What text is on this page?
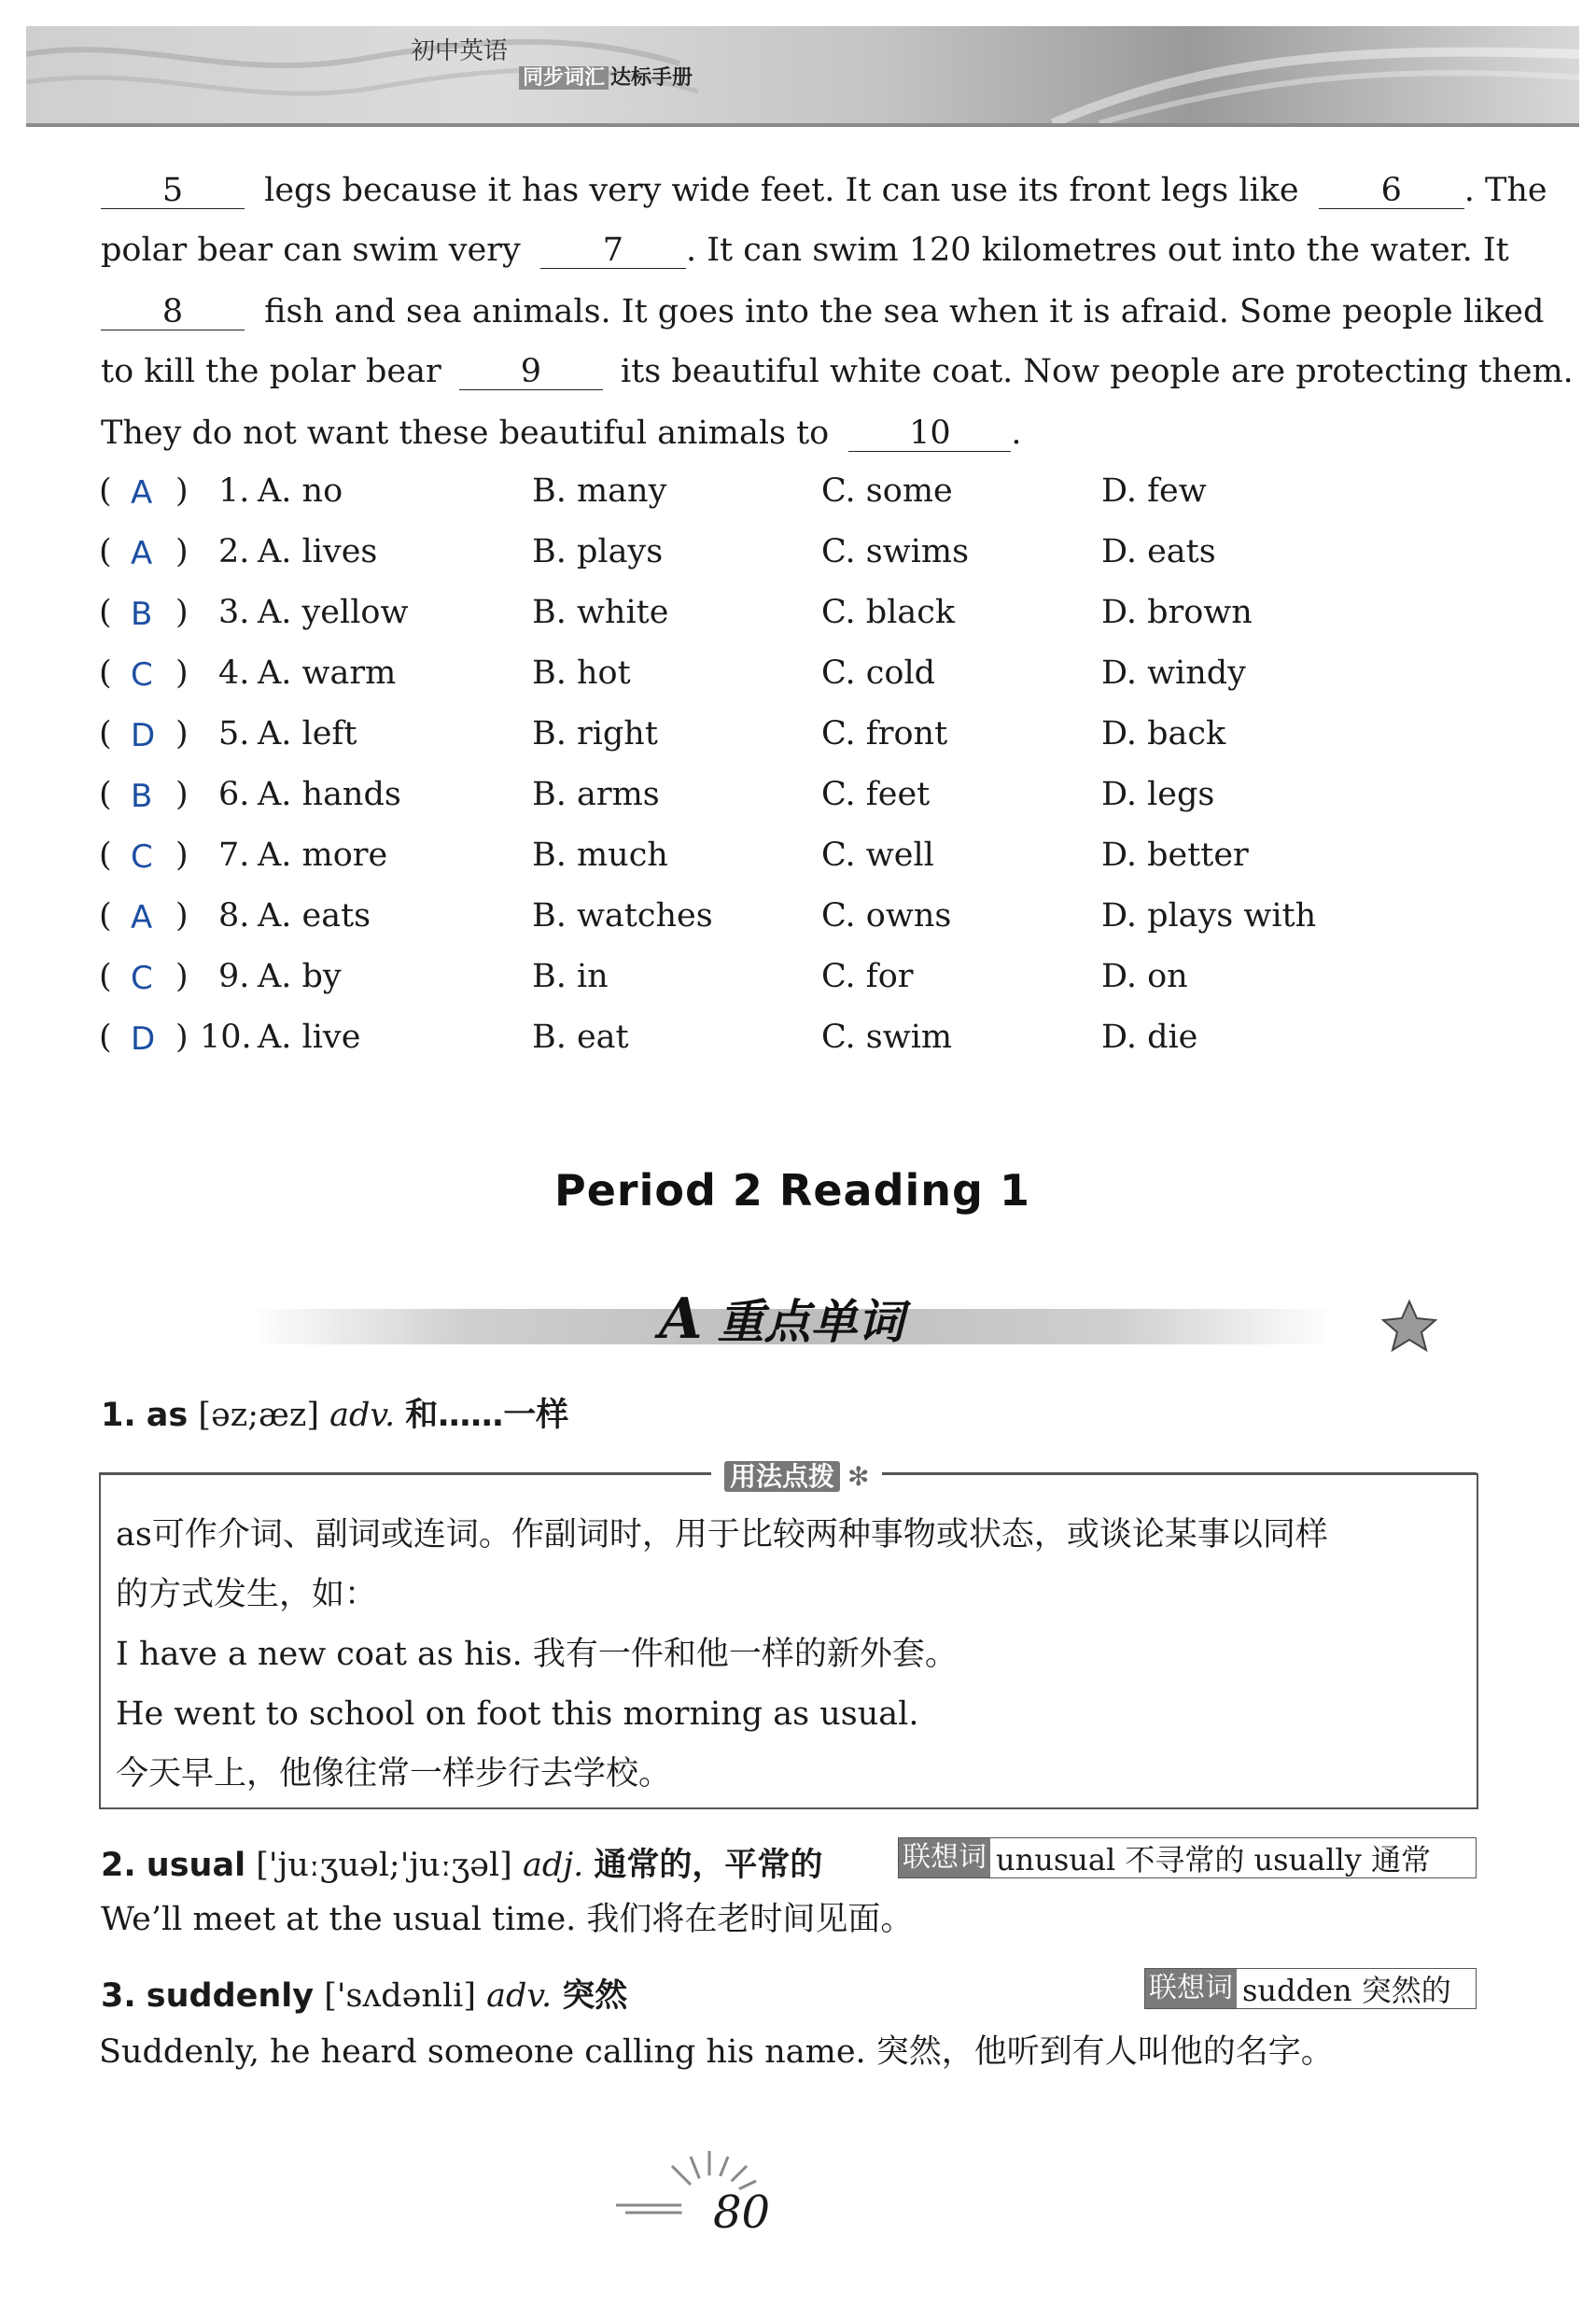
初中英语
同步词汇 达标手册
5 legs because it has very wide feet. It can use its front legs like	6 . The
polar bear can swim very	7 . It can swim 120 kilometres out into the water. It
8 fish and sea animals. It goes into the sea when it is afraid. Some people liked
to kill the polar bear 9 its beautiful white coat. Now people are protecting them.
They do not want these beautiful animals to 10 .
( A ) 1. A. no	B. many	C. some	D. few
( A ) 2. A. lives	B. plays	C. swims	D. eats
( B ) 3. A. yellow	B. white	C. black	D. brown
( C ) 4. A. warm	B. hot	C. cold	D. windy
( D ) 5. A. left	B. right	C. front	D. back
( B ) 6. A. hands	B. arms	C. feet	D. legs
( C ) 7. A. more	B. much	C. well	D. better
( A ) 8. A. eats	B. watches	C. owns	D. plays with
( C ) 9. A. by	B. in	C. for	D. on
( D ) 10. A. live	B. eat	C. swim	D. die
Period 2 Reading 1
A 重点单词
1. as [əz;æz] adv. 和……一样
用法点拨 ✻
as可作介词、副词或连词。作副词时，用于比较两种事物或状态，或谈论某事以同样
的方式发生，如：
I have a new coat as his. 我有一件和他一样的新外套。
He went to school on foot this morning as usual.
今天早上，他像往常一样步行去学校。
2. usual ['juːʒuəl;'juːʒəl] adj. 通常的，平常的	联想词 unusual 不寻常的 usually 通常
We’ll meet at the usual time. 我们将在老时间见面。
3. suddenly ['sʌdənli] adv. 突然	联想词 sudden 突然的
Suddenly, he heard someone calling his name. 突然，他听到有人叫他的名字。
80
